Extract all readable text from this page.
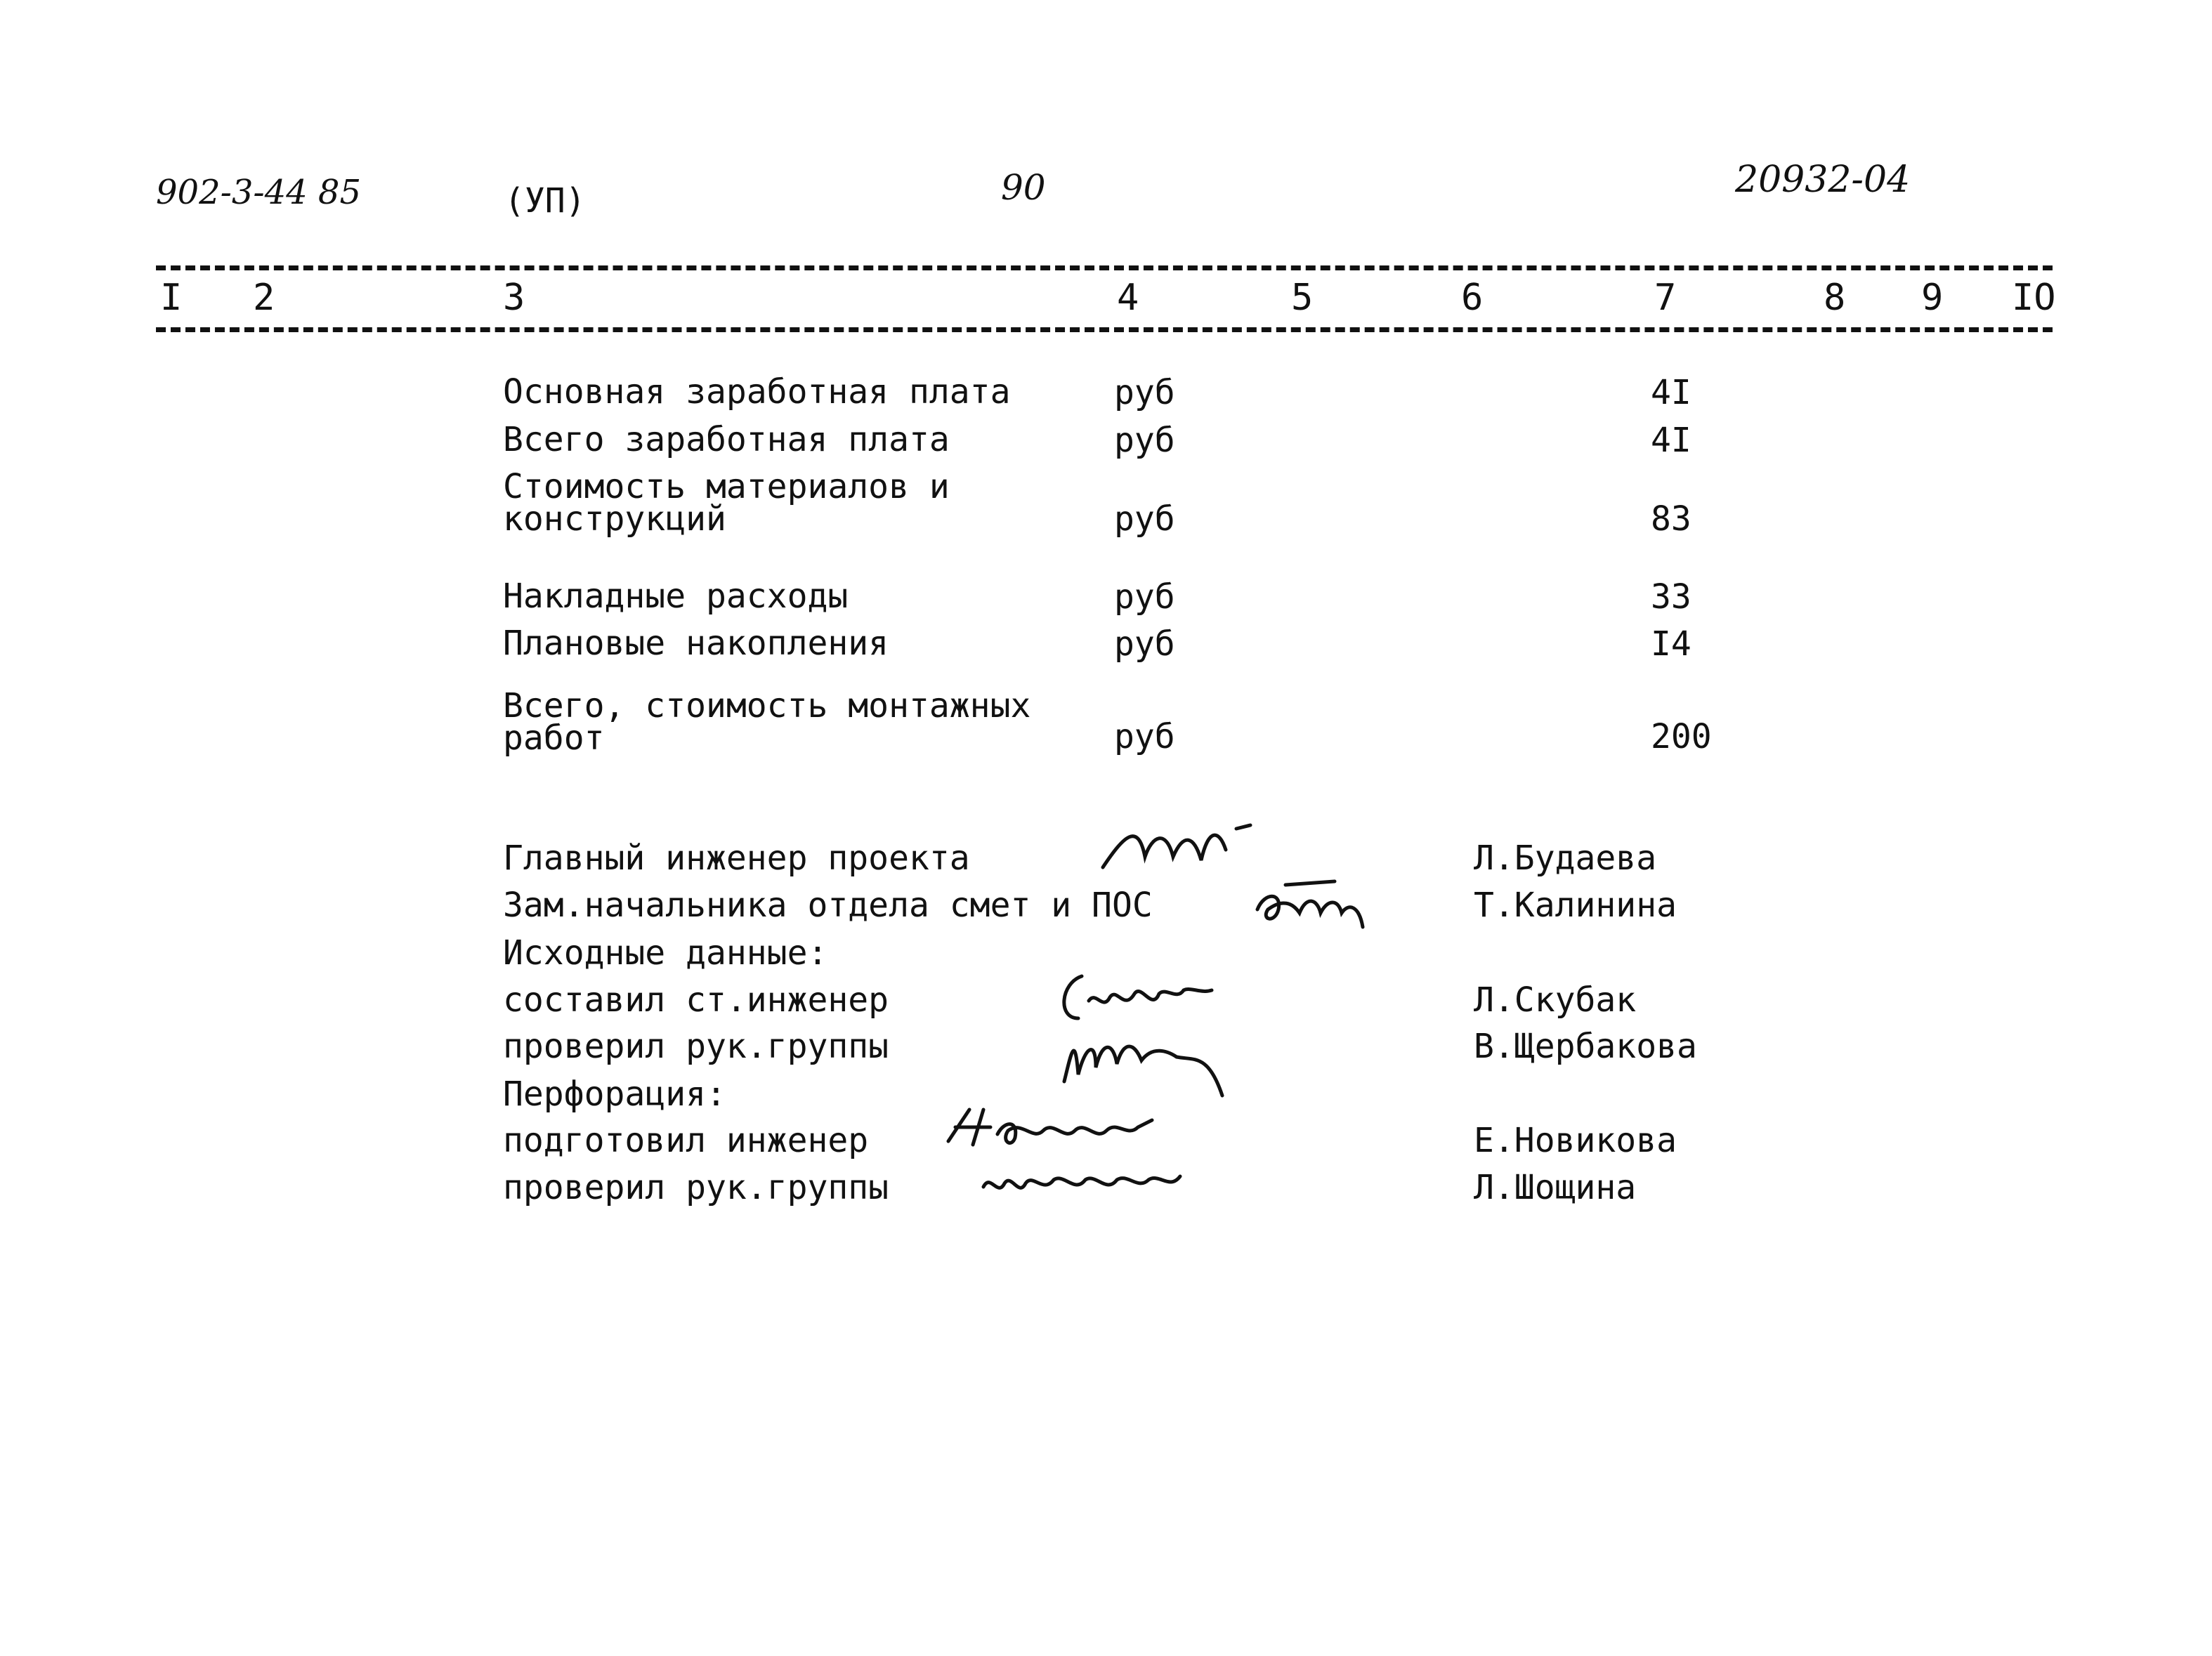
902-3-44 85	(УП)	90	20932-04
I 2	3	4	5	6	7	8 9 IO
Основная заработная плата	руб	4I
Всего заработная плата	руб	4I
Стоимость материалов и
конструкций	руб	83
Накладные расходы	руб	33
Плановые накопления	руб	I4
Всего, стоимость монтажных
работ	руб	200
Главный инженер проекта	Л.Будаева
Зам.начальника отдела смет и ПОС	Т.Калинина
Исходные данные:
составил ст.инженер	Л.Скубак
проверил рук.группы	В.Щербакова
Перфорация:
подготовил инженер	Е.Новикова
проверил рук.группы	Л.Шощина
